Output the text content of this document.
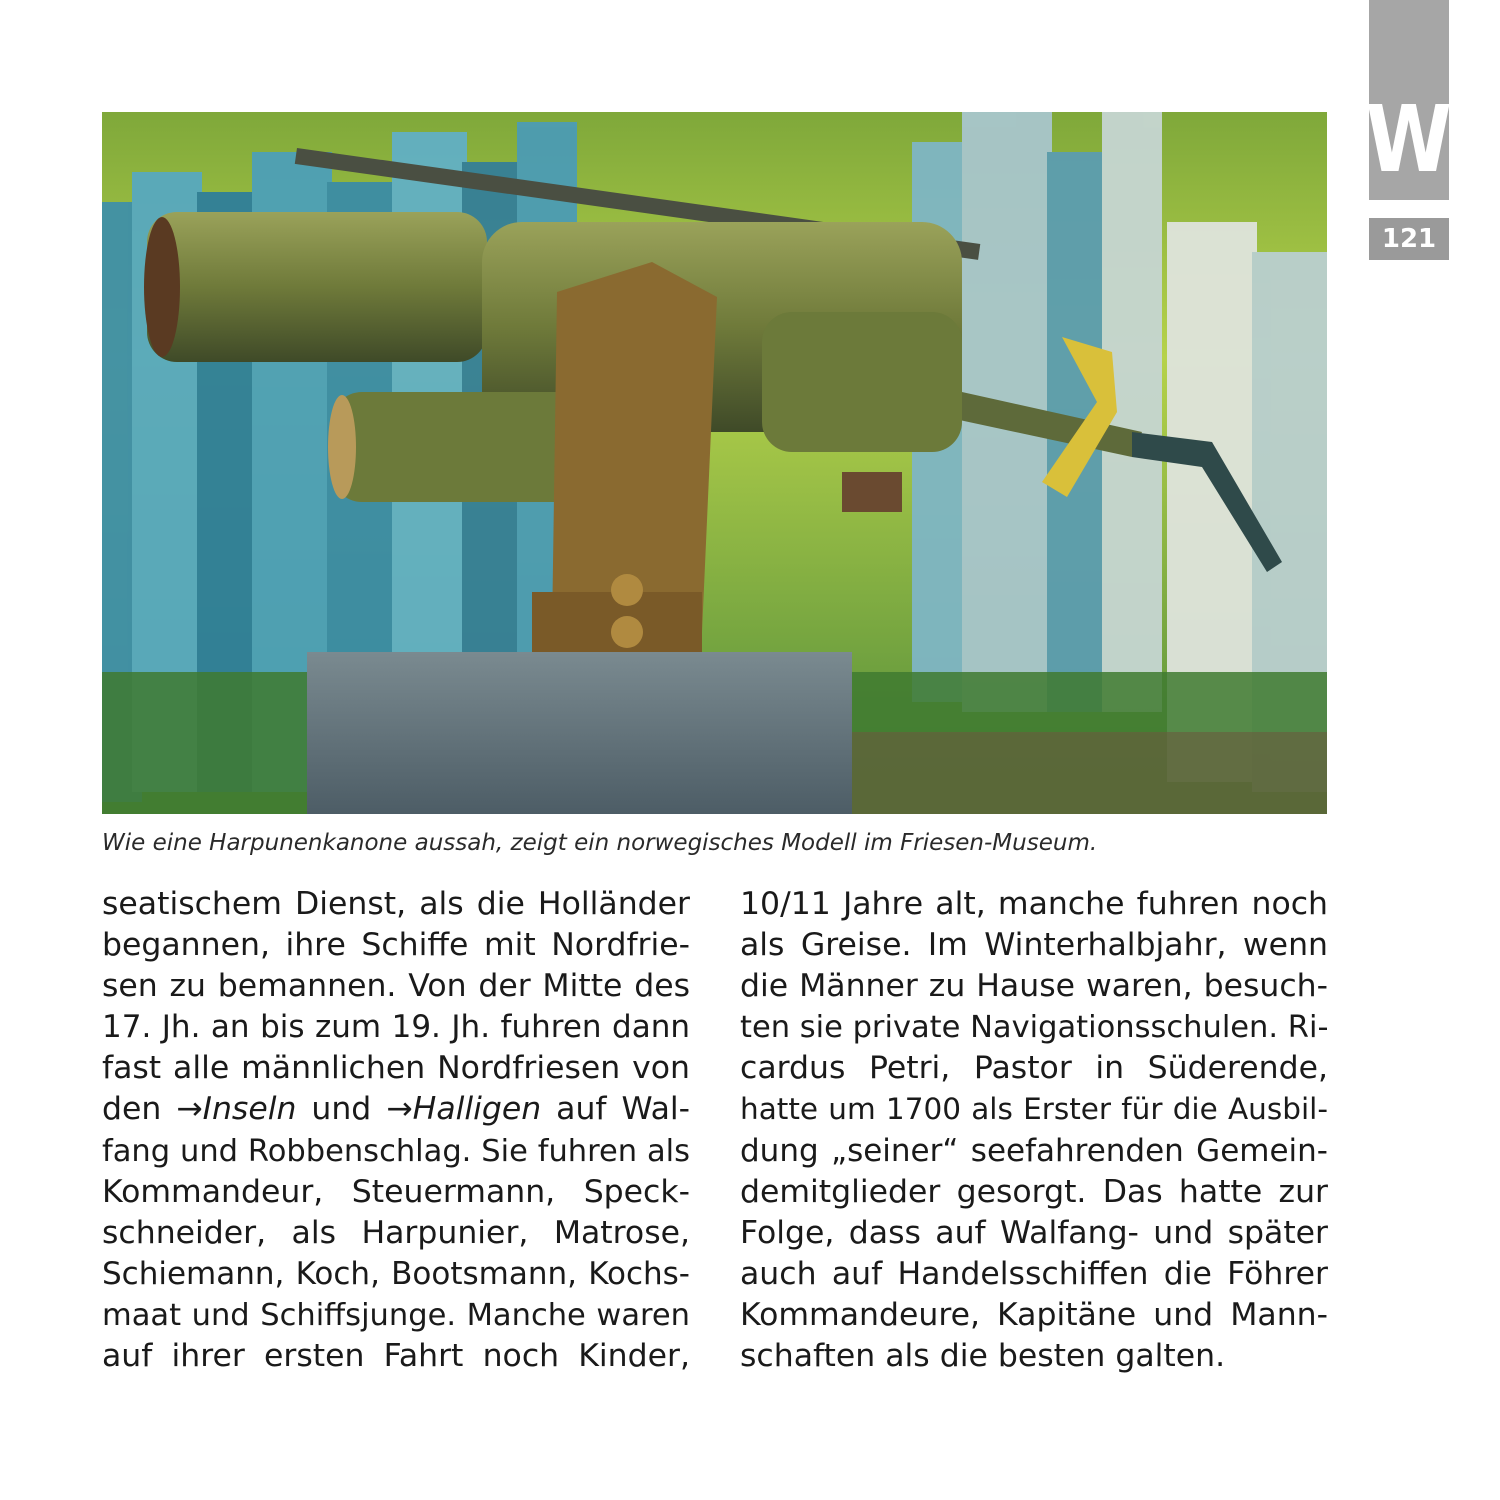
W
121
Wie eine Harpunenkanone aussah, zeigt ein norwegisches Modell im Friesen-Museum.
seatischem Dienst, als die Holländer
begannen, ihre Schiffe mit Nordfrie-
sen zu bemannen. Von der Mitte des
17. Jh. an bis zum 19. Jh. fuhren dann
fast alle männlichen Nordfriesen von
den →Inseln und →Halligen auf Wal-
fang und Robbenschlag. Sie fuhren als
Kommandeur, Steuermann, Speck-
schneider, als Harpunier, Matrose,
Schiemann, Koch, Bootsmann, Kochs-
maat und Schiffsjunge. Manche waren
auf ihrer ersten Fahrt noch Kinder,
10/11 Jahre alt, manche fuhren noch
als Greise. Im Winterhalbjahr, wenn
die Männer zu Hause waren, besuch-
ten sie private Navigationsschulen. Ri-
cardus Petri, Pastor in Süderende,
hatte um 1700 als Erster für die Ausbil-
dung „seiner“ seefahrenden Gemein-
demitglieder gesorgt. Das hatte zur
Folge, dass auf Walfang- und später
auch auf Handelsschiffen die Föhrer
Kommandeure, Kapitäne und Mann-
schaften als die besten galten.
